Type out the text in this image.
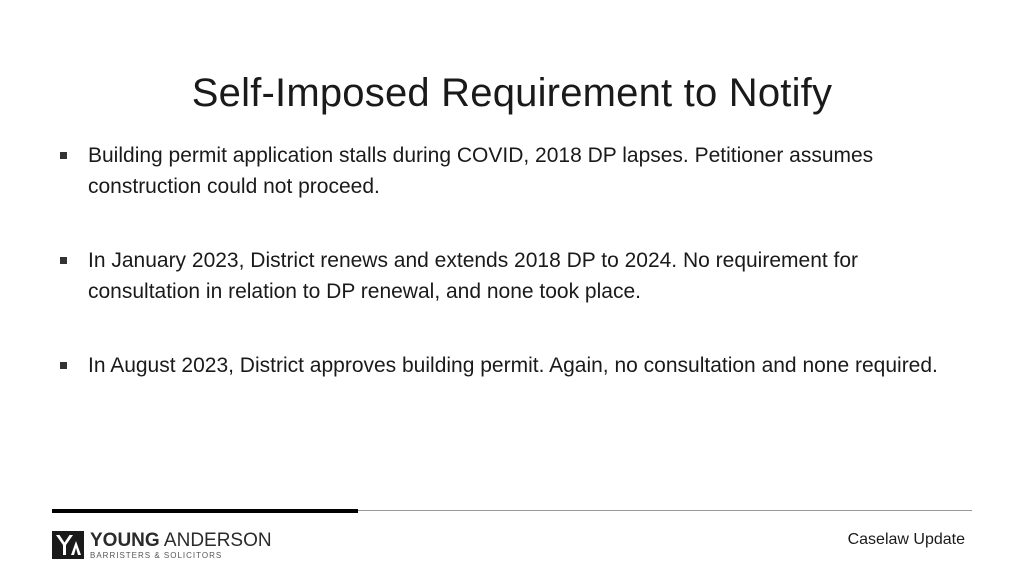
Self-Imposed Requirement to Notify
Building permit application stalls during COVID, 2018 DP lapses. Petitioner assumes construction could not proceed.
In January 2023, District renews and extends 2018 DP to 2024. No requirement for consultation in relation to DP renewal, and none took place.
In August 2023, District approves building permit. Again, no consultation and none required.
YOUNG ANDERSON
BARRISTERS & SOLICITORS
Caselaw Update
